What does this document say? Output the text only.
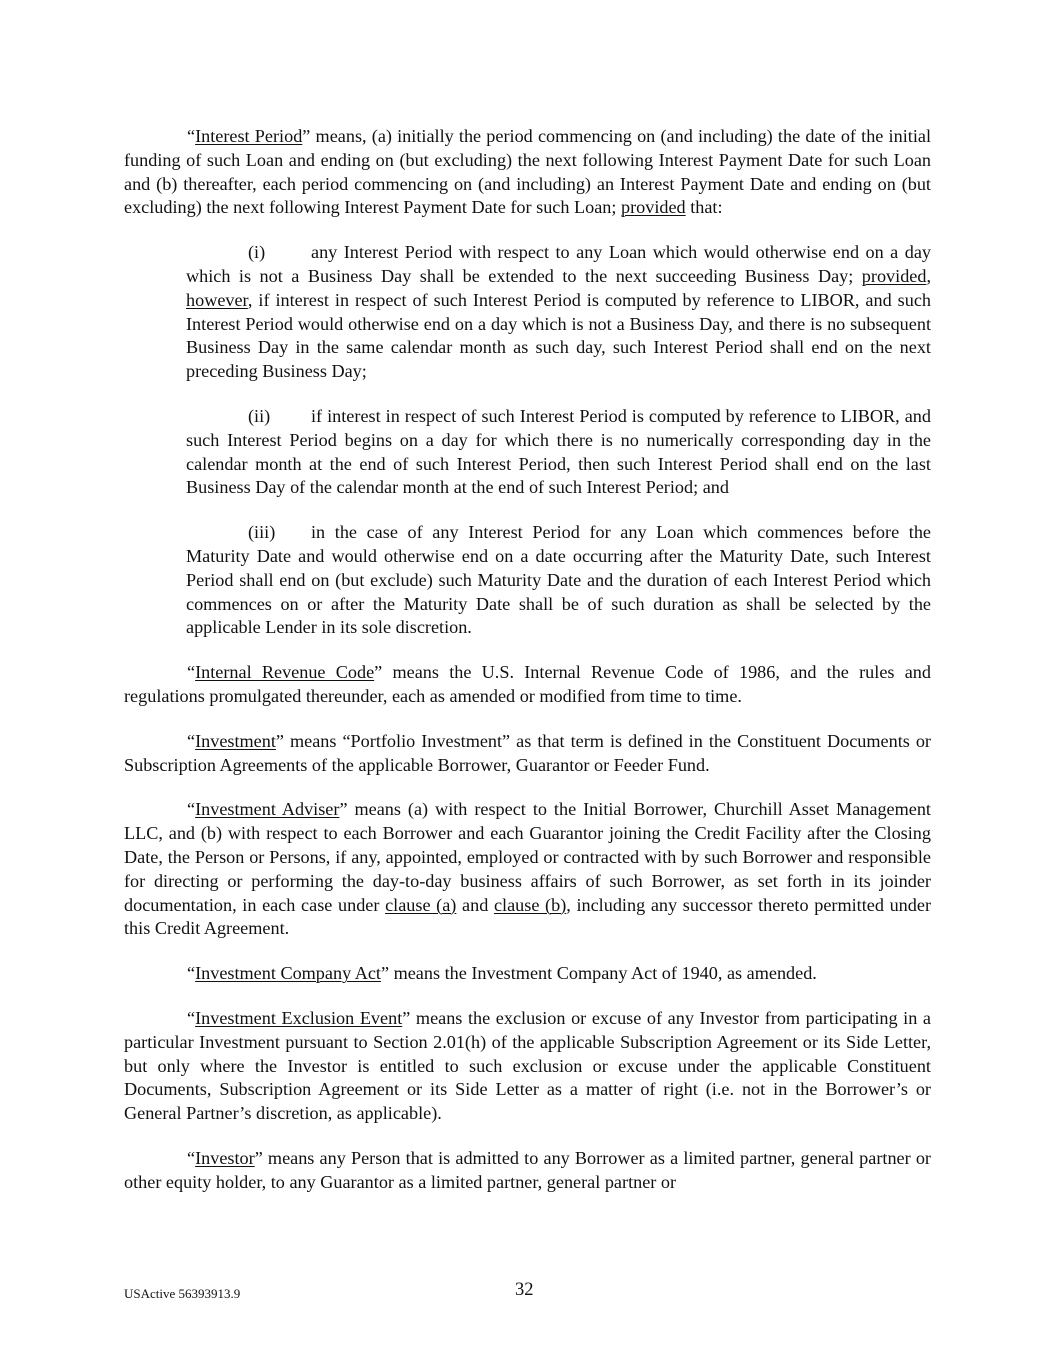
“Interest Period” means, (a) initially the period commencing on (and including) the date of the initial funding of such Loan and ending on (but excluding) the next following Interest Payment Date for such Loan and (b) thereafter, each period commencing on (and including) an Interest Payment Date and ending on (but excluding) the next following Interest Payment Date for such Loan; provided that:

(i)	any Interest Period with respect to any Loan which would otherwise end on a day which is not a Business Day shall be extended to the next succeeding Business Day; provided, however, if interest in respect of such Interest Period is computed by reference to LIBOR, and such Interest Period would otherwise end on a day which is not a Business Day, and there is no subsequent Business Day in the same calendar month as such day, such Interest Period shall end on the next preceding Business Day;

(ii) if interest in respect of such Interest Period is computed by reference to LIBOR, and such Interest Period begins on a day for which there is no numerically corresponding day in the calendar month at the end of such Interest Period, then such Interest Period shall end on the last Business Day of the calendar month at the end of such Interest Period; and

(iii) in the case of any Interest Period for any Loan which commences before the Maturity Date and would otherwise end on a date occurring after the Maturity Date, such Interest Period shall end on (but exclude) such Maturity Date and the duration of each Interest Period which commences on or after the Maturity Date shall be of such duration as shall be selected by the applicable Lender in its sole discretion.

“Internal Revenue Code” means the U.S. Internal Revenue Code of 1986, and the rules and regulations promulgated thereunder, each as amended or modified from time to time.

“Investment” means “Portfolio Investment” as that term is defined in the Constituent Documents or Subscription Agreements of the applicable Borrower, Guarantor or Feeder Fund.

“Investment Adviser” means (a) with respect to the Initial Borrower, Churchill Asset Management LLC, and (b) with respect to each Borrower and each Guarantor joining the Credit Facility after the Closing Date, the Person or Persons, if any, appointed, employed or contracted with by such Borrower and responsible for directing or performing the day-to-day business affairs of such Borrower, as set forth in its joinder documentation, in each case under clause (a) and clause (b), including any successor thereto permitted under this Credit Agreement.

“Investment Company Act” means the Investment Company Act of 1940, as amended.

“Investment Exclusion Event” means the exclusion or excuse of any Investor from participating in a particular Investment pursuant to Section 2.01(h) of the applicable Subscription Agreement or its Side Letter, but only where the Investor is entitled to such exclusion or excuse under the applicable Constituent Documents, Subscription Agreement or its Side Letter as a matter of right (i.e. not in the Borrower’s or General Partner’s discretion, as applicable).

“Investor” means any Person that is admitted to any Borrower as a limited partner, general partner or other equity holder, to any Guarantor as a limited partner, general partner or

USActive 56393913.9	32
